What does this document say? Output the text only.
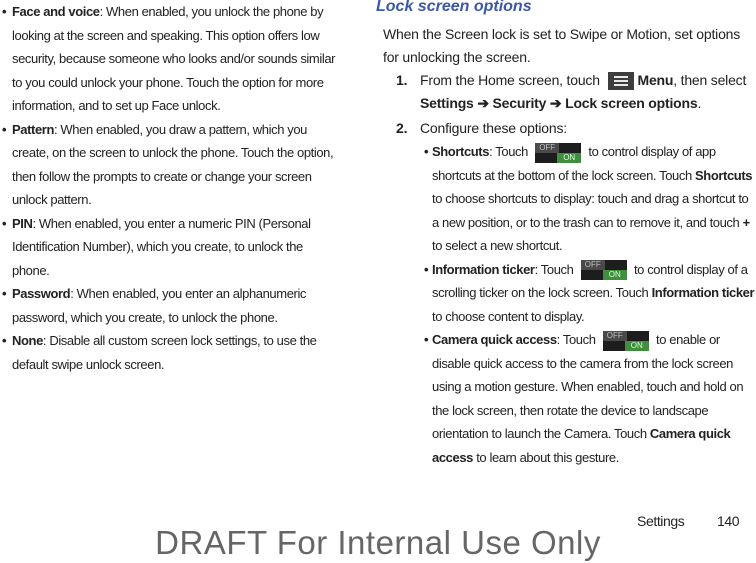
• Face and voice: When enabled, you unlock the phone by looking at the screen and speaking. This option offers low security, because someone who looks and/or sounds similar to you could unlock your phone. Touch the option for more information, and to set up Face unlock.
• Pattern: When enabled, you draw a pattern, which you create, on the screen to unlock the phone. Touch the option, then follow the prompts to create or change your screen unlock pattern.
• PIN: When enabled, you enter a numeric PIN (Personal Identification Number), which you create, to unlock the phone.
• Password: When enabled, you enter an alphanumeric password, which you create, to unlock the phone.
• None: Disable all custom screen lock settings, to use the default swipe unlock screen.
Lock screen options
When the Screen lock is set to Swipe or Motion, set options for unlocking the screen.
1. From the Home screen, touch	Menu, then select Settings ➔ Security ➔ Lock screen options.
2. Configure these options:
• Shortcuts: Touch	OFF
ON	to control display of app shortcuts at the bottom of the lock screen. Touch Shortcuts to choose shortcuts to display: touch and drag a shortcut to a new position, or to the trash can to remove it, and touch + to select a new shortcut.
• Information ticker: Touch	OFF
ON	to control display of a scrolling ticker on the lock screen. Touch Information ticker to choose content to display.
• Camera quick access: Touch	OFF
ON	to enable or disable quick access to the camera from the lock screen using a motion gesture. When enabled, touch and hold on the lock screen, then rotate the device to landscape orientation to launch the Camera. Touch Camera quick access to learn about this gesture.
Settings 140
DRAFT For Internal Use Only
